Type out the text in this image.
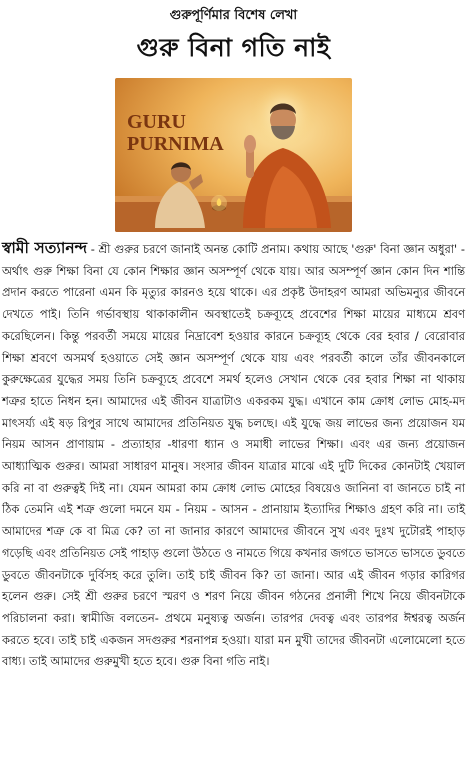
গুরুপূর্ণিমার বিশেষ লেখা
গুরু বিনা গতি নাই
GURU
PURNIMA

স্বামী সত্যানন্দ - শ্রী গুরুর চরণে জানাই অনন্ত কোটি প্রনাম। কথায় আছে 'গুরু' বিনা জ্ঞান অধুরা' - অর্থাৎ গুরু শিক্ষা বিনা যে কোন শিক্ষার জ্ঞান অসম্পূর্ণ থেকে যায়। আর অসম্পূর্ণ জ্ঞান কোন দিন শান্তি প্রদান করতে পারেনা এমন কি মৃত্যুর কারনও হয়ে থাকে। এর প্রকৃষ্ট উদাহরণ আমরা অভিমন্যুর জীবনে দেখতে পাই। তিনি গর্ভাবস্থায় থাকাকালীন অবস্থাতেই চক্রব্যূহে প্রবেশের শিক্ষা মায়ের মাধ্যমে শ্রবণ করেছিলেন। কিন্তু পরবর্তী সময়ে মায়ের নিদ্রাবেশ হওয়ার কারনে চক্রব্যূহ থেকে বের হবার / বেরোবার শিক্ষা শ্রবণে অসমর্থ হওয়াতে সেই জ্ঞান অসম্পূর্ণ থেকে যায় এবং পরবর্তী কালে তাঁর জীবনকালে কুরুক্ষেত্রের যুদ্ধের সময় তিনি চক্রব্যূহে প্রবেশে সমর্থ হলেও সেখান থেকে বের হবার শিক্ষা না থাকায় শত্রুর হাতে নিধন হন। আমাদের এই জীবন যাত্রাটাও একরকম যুদ্ধ। এখানে কাম ক্রোধ লোভ মোহ-মদ মাৎসর্য্য এই ষড় রিপুর সাথে আমাদের প্রতিনিয়ত যুদ্ধ চলছে। এই যুদ্ধে জয় লাভের জন্য প্রয়োজন যম নিয়ম আসন প্রাণায়াম - প্রত্যাহার -ধারণা ধ্যান ও সমাধী লাভের শিক্ষা। এবং এর জন্য প্রয়োজন আধ্যাত্মিক গুরুর। আমরা সাধারণ মানুষ। সংসার জীবন যাত্রার মাঝে এই দুটি দিকের কোনটাই খেয়াল করি না বা গুরুত্বই দিই না। যেমন আমরা কাম ক্রোধ লোভ মোহের বিষয়েও জানিনা বা জানতে চাই না ঠিক তেমনি এই শত্রু গুলো দমনে যম - নিয়ম - আসন - প্রানায়াম ইত্যাদির শিক্ষাও গ্রহণ করি না। তাই আমাদের শত্রু কে বা মিত্র কে? তা না জানার কারণে আমাদের জীবনে সুখ এবং দুঃখ দুটোরই পাহাড় গড়েছি এবং প্রতিনিয়ত সেই পাহাড় গুলো উঠতে ও নামতে গিয়ে কখনার জগতে ভাসতে ভাসতে ডুবতে ডুবতে জীবনটাকে দুর্বিসহ করে তুলি। তাই চাই জীবন কি? তা জানা। আর এই জীবন গড়ার কারিগর হলেন গুরু। সেই শ্রী গুরুর চরণে স্মরণ ও শরণ নিয়ে জীবন গঠনের প্রনালী শিখে নিয়ে জীবনটাকে পরিচালনা করা। স্বামীজি বলতেন- প্রথমে মনুষ্যত্ব অর্জন। তারপর দেবত্ব এবং তারপর ঈশ্বরত্ব অর্জন করতে হবে। তাই চাই একজন সদগুরুর শরনাপন্ন হওয়া। যারা মন মুখী তাদের জীবনটা এলোমেলো হতে বাধ্য। তাই আমাদের গুরুমুখী হতে হবে। গুরু বিনা গতি নাই।
